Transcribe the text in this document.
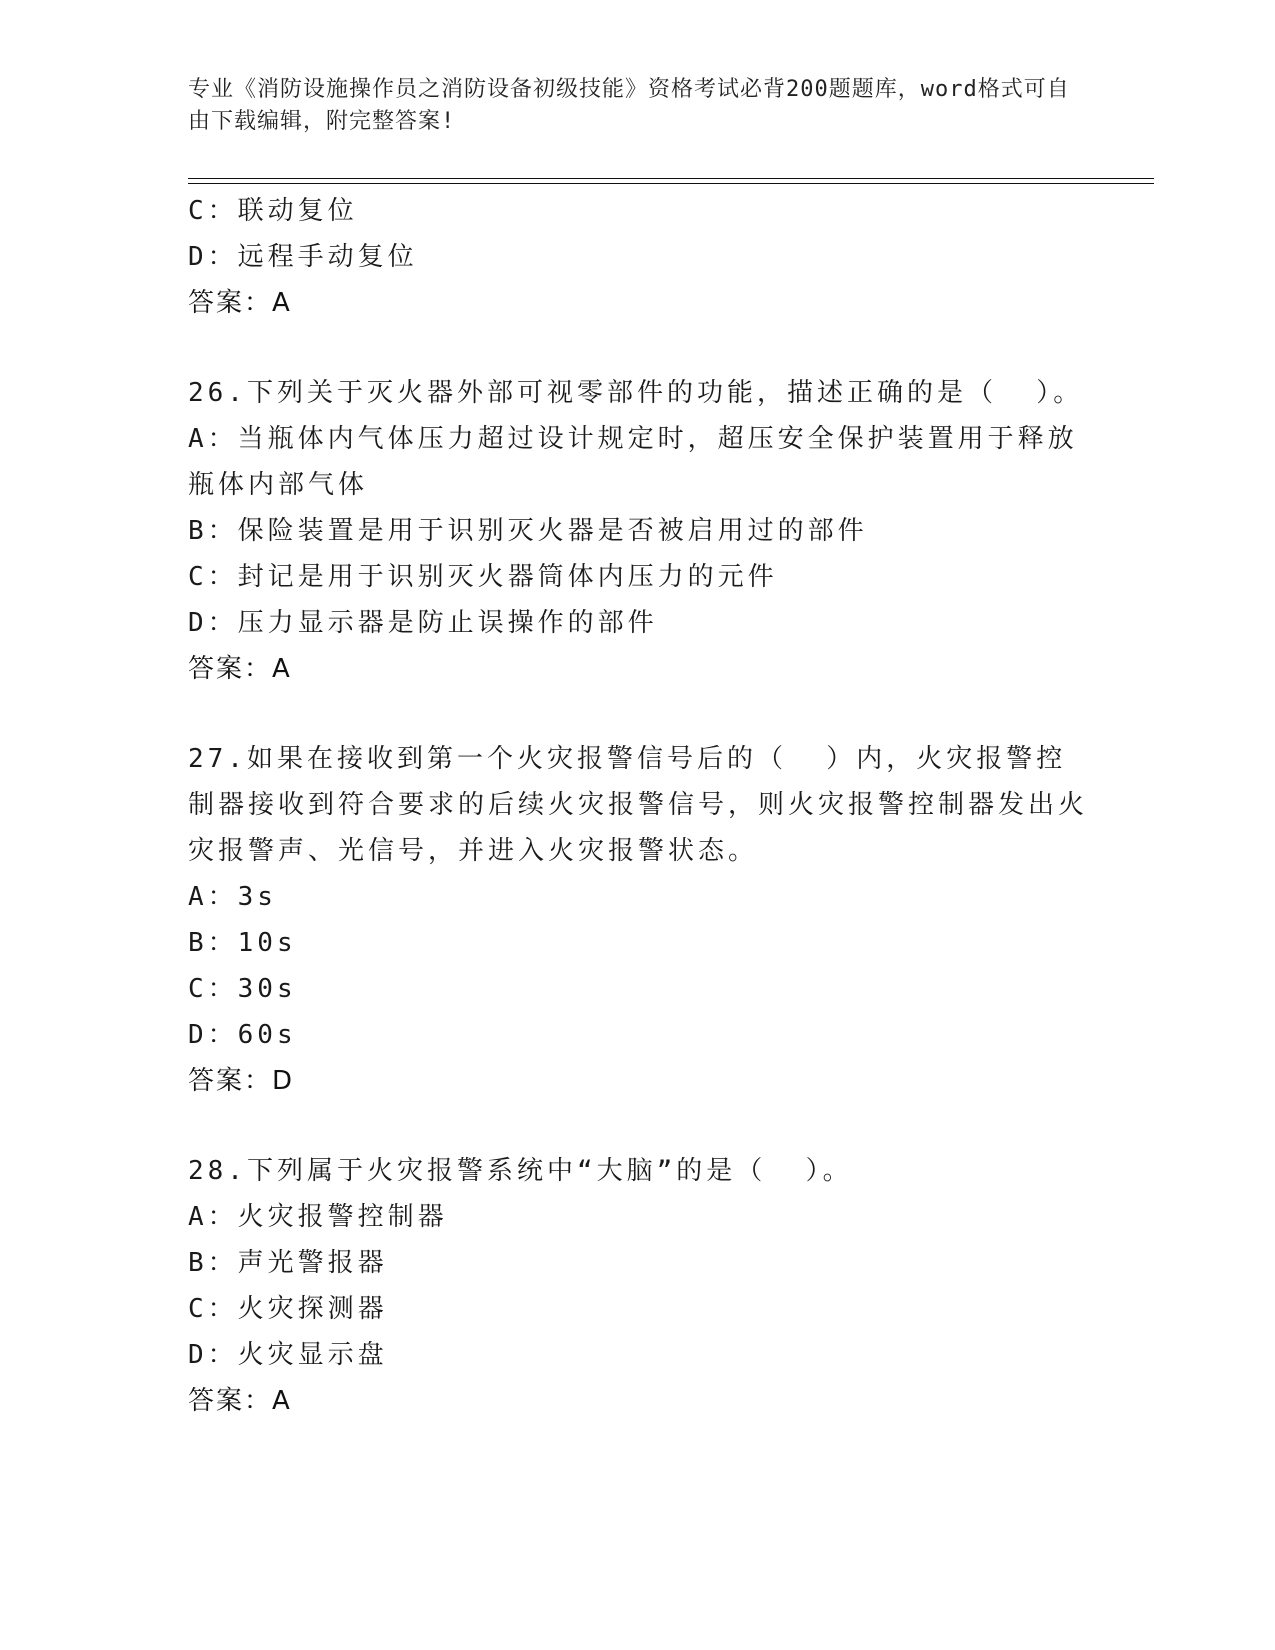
专业《消防设施操作员之消防设备初级技能》资格考试必背200题题库，word格式可自由下载编辑，附完整答案!
C：联动复位
D：远程手动复位
答案：A
26.下列关于灭火器外部可视零部件的功能，描述正确的是（  ）。
A：当瓶体内气体压力超过设计规定时，超压安全保护装置用于释放瓶体内部气体
B：保险装置是用于识别灭火器是否被启用过的部件
C：封记是用于识别灭火器筒体内压力的元件
D：压力显示器是防止误操作的部件
答案：A
27.如果在接收到第一个火灾报警信号后的（  ）内，火灾报警控制器接收到符合要求的后续火灾报警信号，则火灾报警控制器发出火灾报警声、光信号，并进入火灾报警状态。
A：3s
B：10s
C：30s
D：60s
答案：D
28.下列属于火灾报警系统中“大脑”的是（  ）。
A：火灾报警控制器
B：声光警报器
C：火灾探测器
D：火灾显示盘
答案：A
